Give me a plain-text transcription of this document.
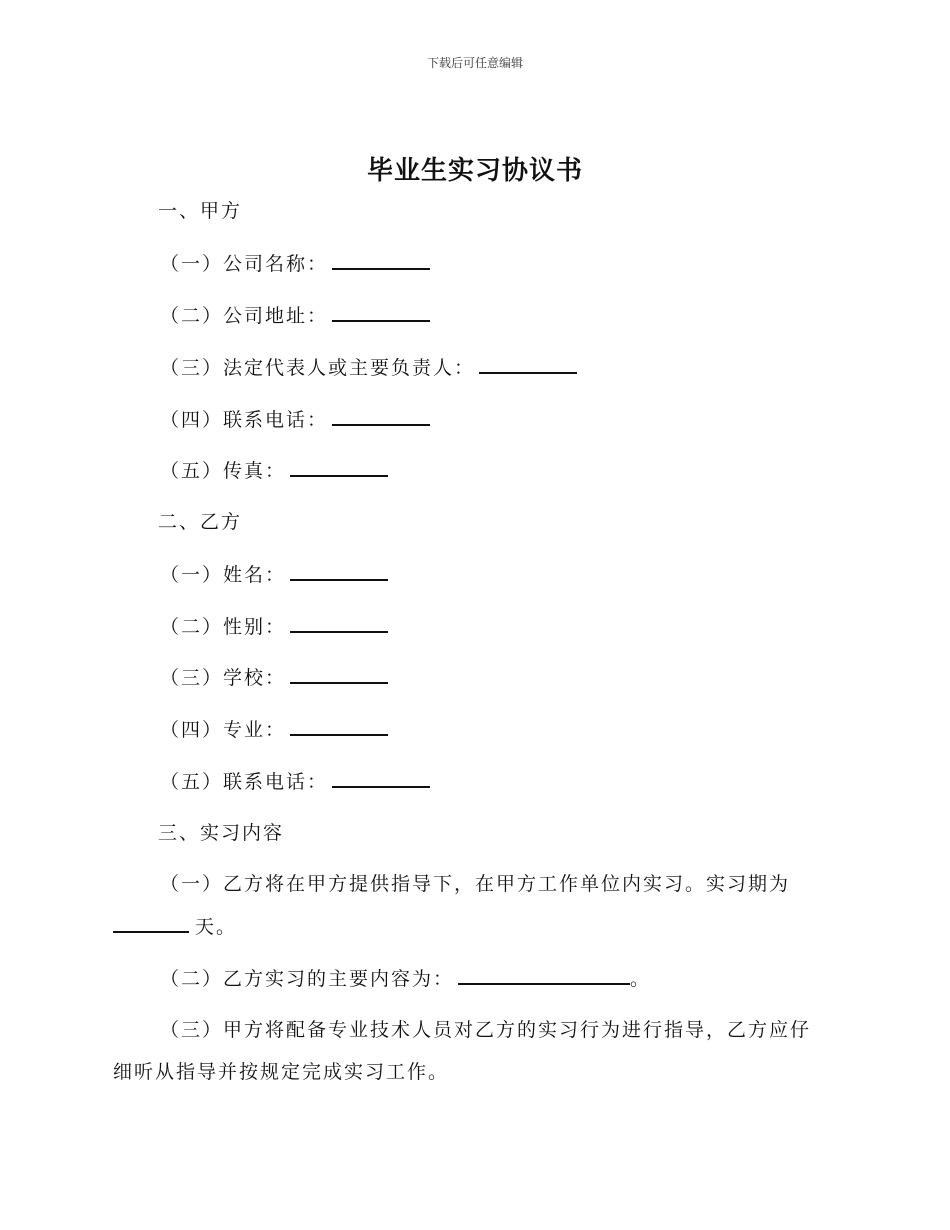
下载后可任意编辑
毕业生实习协议书
一、甲方
（一）公司名称：
（二）公司地址：
（三）法定代表人或主要负责人：
（四）联系电话：
（五）传真：
二、乙方
（一）姓名：
（二）性别：
（三）学校：
（四）专业：
（五）联系电话：
三、实习内容
（一）乙方将在甲方提供指导下，在甲方工作单位内实习。实习期为
天。
（二）乙方实习的主要内容为：	。
（三）甲方将配备专业技术人员对乙方的实习行为进行指导，乙方应仔
细听从指导并按规定完成实习工作。
